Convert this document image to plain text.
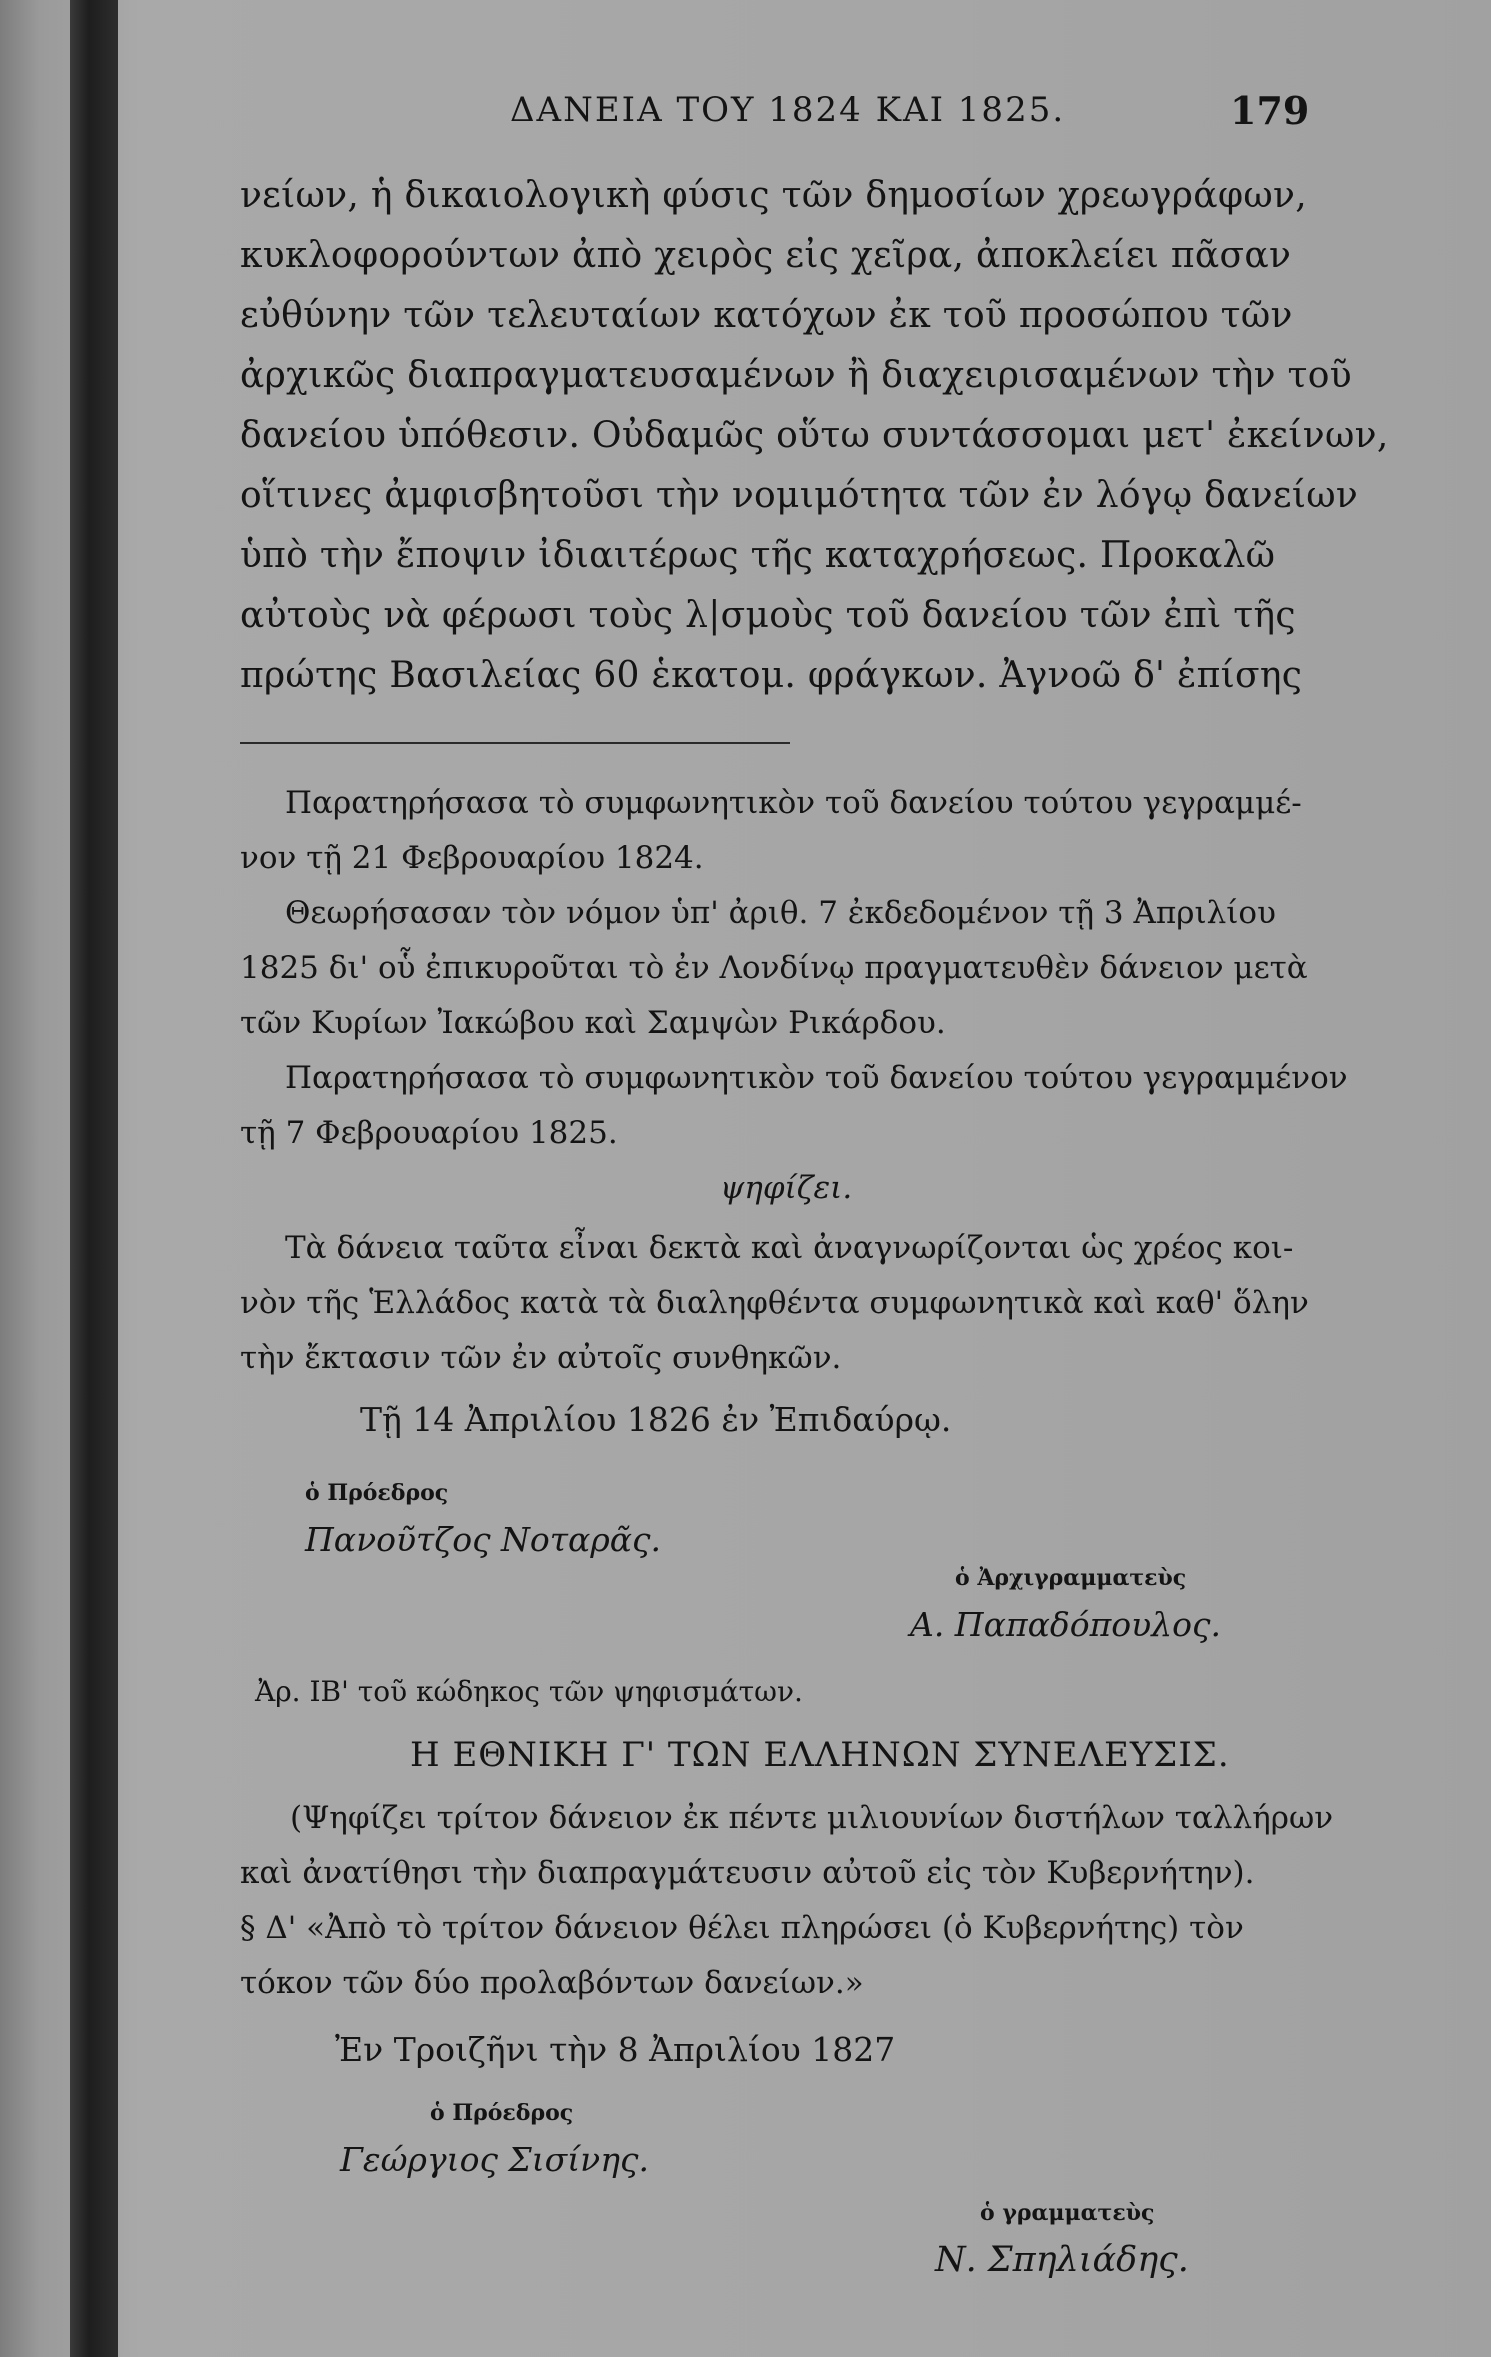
ΔΑΝΕΙΑ ΤΟΥ 1824 ΚΑΙ 1825.	179
νείων, ἡ δικαιολογικὴ φύσις τῶν δημοσίων χρεωγράφων,
κυκλοφορούντων ἀπὸ χειρὸς εἰς χεῖρα, ἀποκλείει πᾶσαν
εὐθύνην τῶν τελευταίων κατόχων ἐκ τοῦ προσώπου τῶν
ἀρχικῶς διαπραγματευσαμένων ἢ διαχειρισαμένων τὴν τοῦ
δανείου ὑπόθεσιν. Οὐδαμῶς οὕτω συντάσσομαι μετ' ἐκείνων,
οἵτινες ἀμφισβητοῦσι τὴν νομιμότητα τῶν ἐν λόγῳ δανείων
ὑπὸ τὴν ἔποψιν ἰδιαιτέρως τῆς καταχρήσεως. Προκαλῶ
αὐτοὺς νὰ φέρωσι τοὺς λ|σμοὺς τοῦ δανείου τῶν ἐπὶ τῆς
πρώτης Βασιλείας 60 ἑκατομ. φράγκων. Ἀγνοῶ δ' ἐπίσης
Παρατηρήσασα τὸ συμφωνητικὸν τοῦ δανείου τούτου γεγραμμέ-
νον τῇ 21 Φεβρουαρίου 1824.
Θεωρήσασαν τὸν νόμον ὑπ' ἀριθ. 7 ἐκδεδομένον τῇ 3 Ἀπριλίου
1825 δι' οὗ ἐπικυροῦται τὸ ἐν Λονδίνῳ πραγματευθὲν δάνειον μετὰ
τῶν Κυρίων Ἰακώβου καὶ Σαμψὼν Ρικάρδου.
Παρατηρήσασα τὸ συμφωνητικὸν τοῦ δανείου τούτου γεγραμμένον
τῇ 7 Φεβρουαρίου 1825.
ψηφίζει.
Τὰ δάνεια ταῦτα εἶναι δεκτὰ καὶ ἀναγνωρίζονται ὡς χρέος κοι-
νὸν τῆς Ἑλλάδος κατὰ τὰ διαληφθέντα συμφωνητικὰ καὶ καθ' ὅλην
τὴν ἔκτασιν τῶν ἐν αὐτοῖς συνθηκῶν.
Τῇ 14 Ἀπριλίου 1826 ἐν Ἐπιδαύρῳ.
ὁ Πρόεδρος
Πανοῦτζος Νοταρᾶς.
ὁ Ἀρχιγραμματεὺς
Α. Παπαδόπουλος.
Ἀρ. ΙΒ' τοῦ κώδηκος τῶν ψηφισμάτων.
Η ΕΘΝΙΚΗ Γ' ΤΩΝ ΕΛΛΗΝΩΝ ΣΥΝΕΛΕΥΣΙΣ.
(Ψηφίζει τρίτον δάνειον ἐκ πέντε μιλιουνίων διστήλων ταλλήρων
καὶ ἀνατίθησι τὴν διαπραγμάτευσιν αὐτοῦ εἰς τὸν Κυβερνήτην).
§ Δ' «Ἀπὸ τὸ τρίτον δάνειον θέλει πληρώσει (ὁ Κυβερνήτης) τὸν
τόκον τῶν δύο προλαβόντων δανείων.»
Ἐν Τροιζῆνι τὴν 8 Ἀπριλίου 1827
ὁ Πρόεδρος
Γεώργιος Σισίνης.
ὁ γραμματεὺς
Ν. Σπηλιάδης.
